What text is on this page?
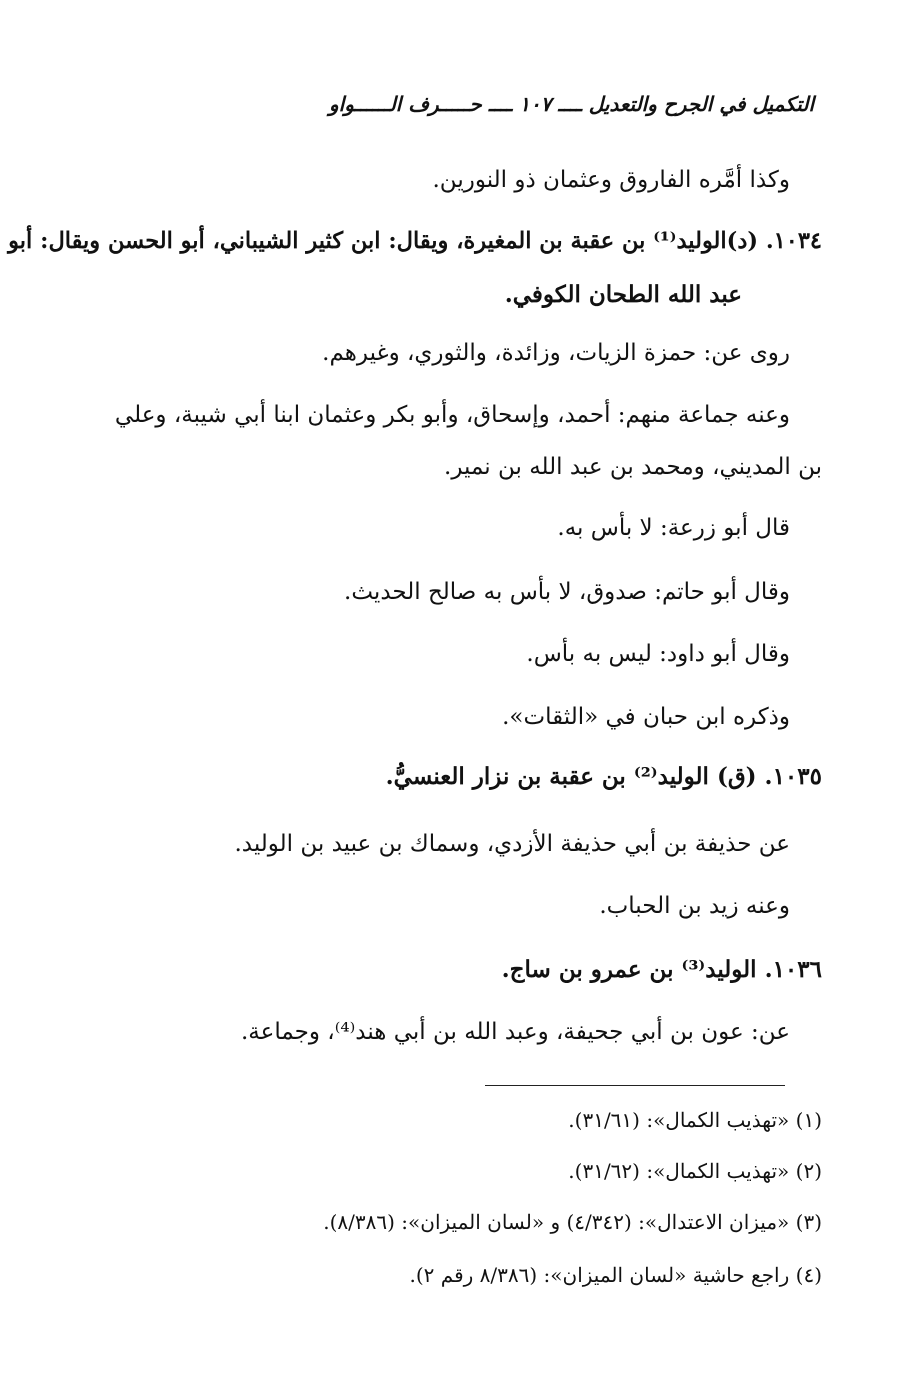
التكميل في الجرح والتعديل ــــ ١٠٧ ــــ حـــــرف الــــــواو
وكذا أمَّره الفاروق وعثمان ذو النورين.
١٠٣٤. (د)الوليد⁽¹⁾ بن عقبة بن المغيرة، ويقال: ابن كثير الشيباني، أبو الحسن ويقال: أبو
عبد الله الطحان الكوفي.
روى عن: حمزة الزيات، وزائدة، والثوري، وغيرهم.
وعنه جماعة منهم: أحمد، وإسحاق، وأبو بكر وعثمان ابنا أبي شيبة، وعلي
بن المديني، ومحمد بن عبد الله بن نمير.
قال أبو زرعة: لا بأس به.
وقال أبو حاتم: صدوق، لا بأس به صالح الحديث.
وقال أبو داود: ليس به بأس.
وذكره ابن حبان في «الثقات».
١٠٣٥. (ق) الوليد⁽²⁾ بن عقبة بن نزار العنسيُّ.
عن حذيفة بن أبي حذيفة الأزدي، وسماك بن عبيد بن الوليد.
وعنه زيد بن الحباب.
١٠٣٦. الوليد⁽³⁾ بن عمرو بن ساج.
عن: عون بن أبي جحيفة، وعبد الله بن أبي هند⁽⁴⁾، وجماعة.
(١) «تهذيب الكمال»: (٣١/٦١).
(٢) «تهذيب الكمال»: (٣١/٦٢).
(٣) «ميزان الاعتدال»: (٤/٣٤٢) و «لسان الميزان»: (٨/٣٨٦).
(٤) راجع حاشية «لسان الميزان»: (٨/٣٨٦ رقم ٢).
